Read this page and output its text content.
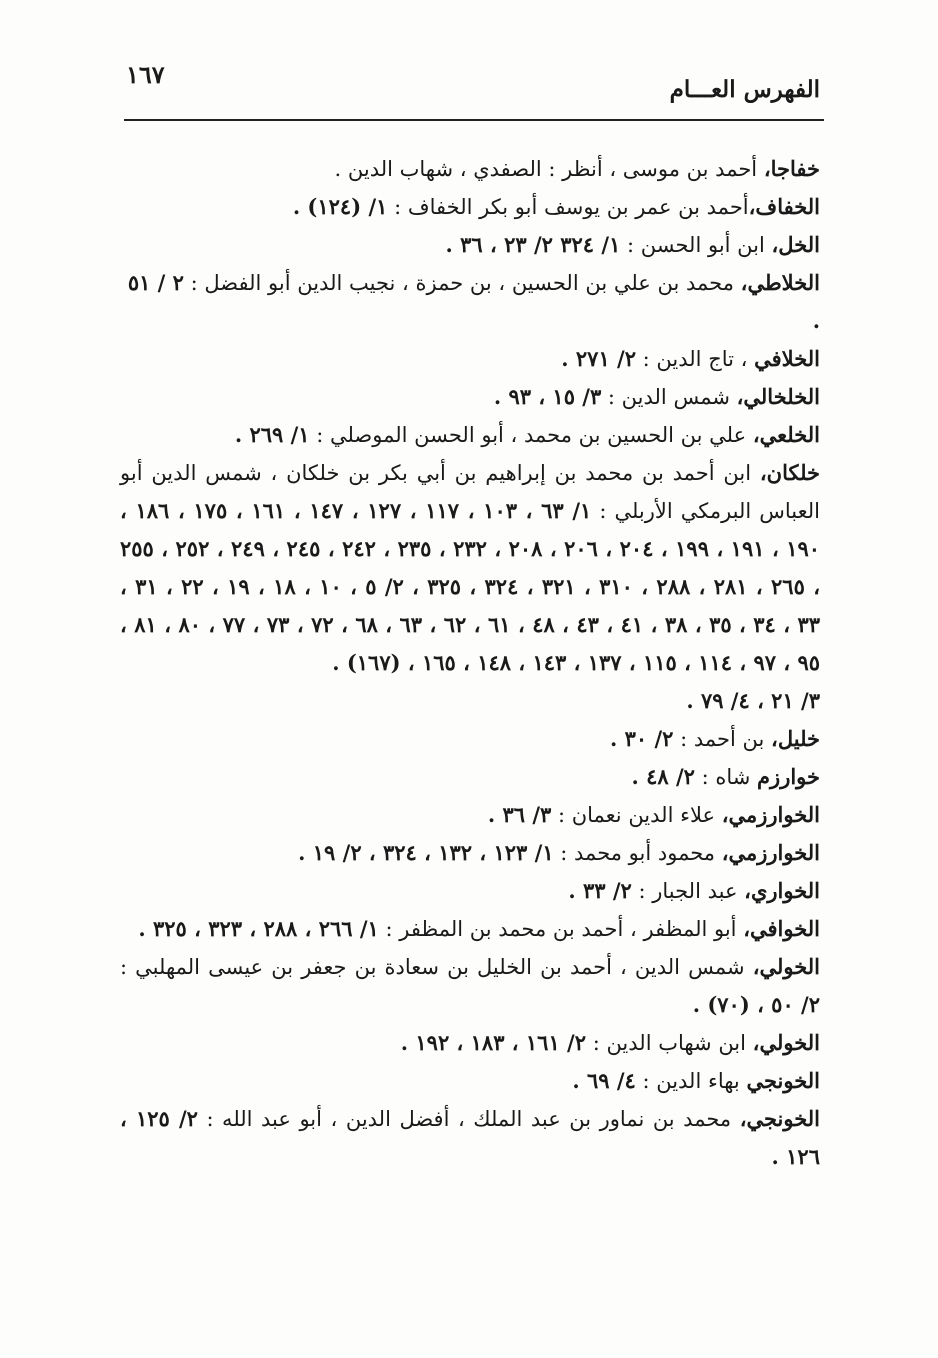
١٦٧
الفهرس العـــام
خفاجا، أحمد بن موسى ، أنظر : الصفدي ، شهاب الدين .
الخفاف،أحمد بن عمر بن يوسف أبو بكر الخفاف : ١/ (١٢٤) .
الخل، ابن أبو الحسن : ١/ ٣٢٤ ٢/ ٢٣ ، ٣٦ .
الخلاطي، محمد بن علي بن الحسين ، بن حمزة ، نجيب الدين أبو الفضل : ٢ / ٥١ .
الخلافي ، تاج الدين : ٢/ ٢٧١ .
الخلخالي، شمس الدين : ٣/ ١٥ ، ٩٣ .
الخلعي، علي بن الحسين بن محمد ، أبو الحسن الموصلي : ١/ ٢٦٩ .
خلكان، ابن أحمد بن محمد بن إبراهيم بن أبي بكر بن خلكان ، شمس الدين أبو العباس البرمكي الأربلي : ١/ ٦٣ ، ١٠٣ ، ١١٧ ، ١٢٧ ، ١٤٧ ، ١٦١ ، ١٧٥ ، ١٨٦ ، ١٩٠ ، ١٩١ ، ١٩٩ ، ٢٠٤ ، ٢٠٦ ، ٢٠٨ ، ٢٣٢ ، ٢٣٥ ، ٢٤٢ ، ٢٤٥ ، ٢٤٩ ، ٢٥٢ ، ٢٥٥ ، ٢٦٥ ، ٢٨١ ، ٢٨٨ ، ٣١٠ ، ٣٢١ ، ٣٢٤ ، ٣٢٥ ، ٢/ ٥ ، ١٠ ، ١٨ ، ١٩ ، ٢٢ ، ٣١ ، ٣٣ ، ٣٤ ، ٣٥ ، ٣٨ ، ٤١ ، ٤٣ ، ٤٨ ، ٦١ ، ٦٢ ، ٦٣ ، ٦٨ ، ٧٢ ، ٧٣ ، ٧٧ ، ٨٠ ، ٨١ ، ٩٥ ، ٩٧ ، ١١٤ ، ١١٥ ، ١٣٧ ، ١٤٣ ، ١٤٨ ، ١٦٥ ، (١٦٧) .
٣/ ٢١ ، ٤/ ٧٩ .
خليل، بن أحمد : ٢/ ٣٠ .
خوارزم شاه : ٢/ ٤٨ .
الخوارزمي، علاء الدين نعمان : ٣/ ٣٦ .
الخوارزمي، محمود أبو محمد : ١/ ١٢٣ ، ١٣٢ ، ٣٢٤ ، ٢/ ١٩ .
الخواري، عبد الجبار : ٢/ ٣٣ .
الخوافي، أبو المظفر ، أحمد بن محمد بن المظفر : ١/ ٢٦٦ ، ٢٨٨ ، ٣٢٣ ، ٣٢٥ .
الخولي، شمس الدين ، أحمد بن الخليل بن سعادة بن جعفر بن عيسى المهلبي : ٢/ ٥٠ ، (٧٠) .
الخولي، ابن شهاب الدين : ٢/ ١٦١ ، ١٨٣ ، ١٩٢ .
الخونجي بهاء الدين : ٤/ ٦٩ .
الخونجي، محمد بن نماور بن عبد الملك ، أفضل الدين ، أبو عبد الله : ٢/ ١٢٥ ، ١٢٦ .
